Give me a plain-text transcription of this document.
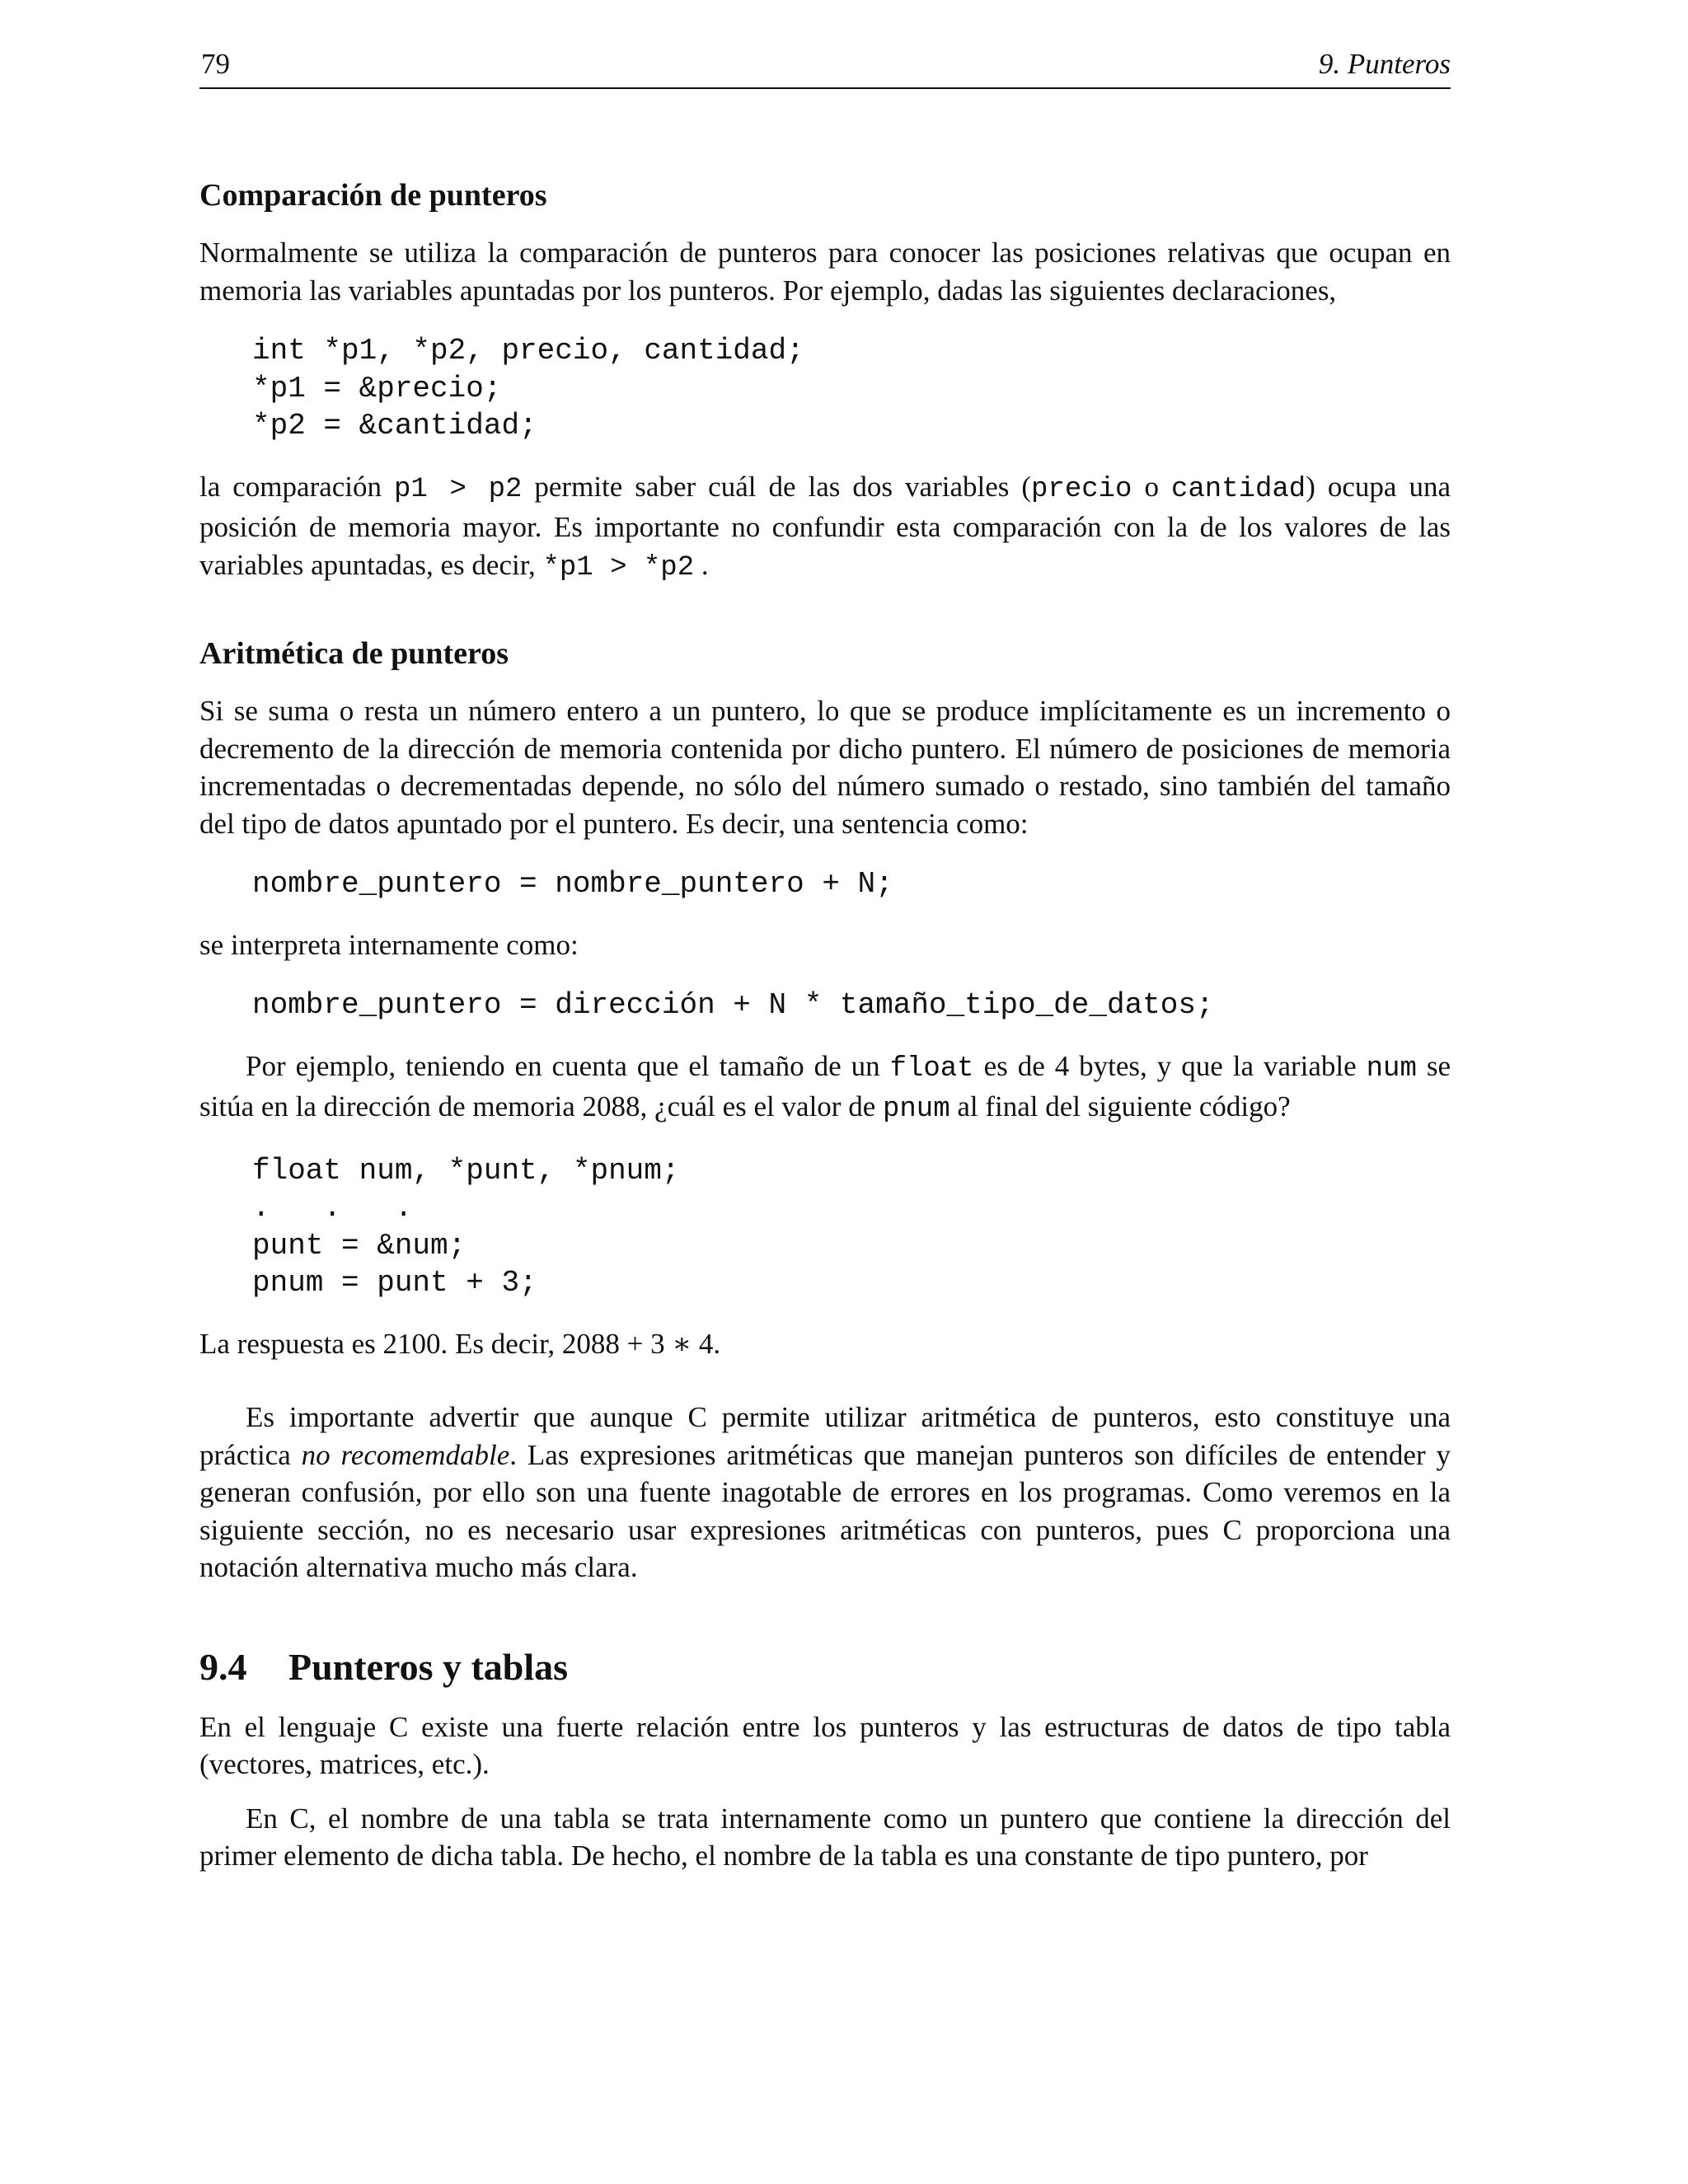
79	9. Punteros
Comparación de punteros

Normalmente se utiliza la comparación de punteros para conocer las posiciones relativas que ocupan en memoria las variables apuntadas por los punteros. Por ejemplo, dadas las siguientes declaraciones,

int *p1, *p2, precio, cantidad;
*p1 = &precio;
*p2 = &cantidad;

la comparación p1 > p2 permite saber cuál de las dos variables (precio o cantidad) ocupa una posición de memoria mayor. Es importante no confundir esta comparación con la de los valores de las variables apuntadas, es decir, *p1 > *p2 .

Aritmética de punteros

Si se suma o resta un número entero a un puntero, lo que se produce implícitamente es un incremento o decremento de la dirección de memoria contenida por dicho puntero. El número de posiciones de memoria incrementadas o decrementadas depende, no sólo del número sumado o restado, sino también del tamaño del tipo de datos apuntado por el puntero. Es decir, una sentencia como:

nombre_puntero = nombre_puntero + N;

se interpreta internamente como:

nombre_puntero = dirección + N * tamaño_tipo_de_datos;

Por ejemplo, teniendo en cuenta que el tamaño de un float es de 4 bytes, y que la variable num se sitúa en la dirección de memoria 2088, ¿cuál es el valor de pnum al final del siguiente código?

float num, *punt, *pnum;
.   .   .
punt = &num;
pnum = punt + 3;

La respuesta es 2100. Es decir, 2088 + 3 ∗ 4.

Es importante advertir que aunque C permite utilizar aritmética de punteros, esto constituye una práctica no recomemdable. Las expresiones aritméticas que manejan punteros son difíciles de entender y generan confusión, por ello son una fuente inagotable de errores en los programas. Como veremos en la siguiente sección, no es necesario usar expresiones aritméticas con punteros, pues C proporciona una notación alternativa mucho más clara.

9.4 Punteros y tablas

En el lenguaje C existe una fuerte relación entre los punteros y las estructuras de datos de tipo tabla (vectores, matrices, etc.).

En C, el nombre de una tabla se trata internamente como un puntero que contiene la dirección del primer elemento de dicha tabla. De hecho, el nombre de la tabla es una constante de tipo puntero, por
